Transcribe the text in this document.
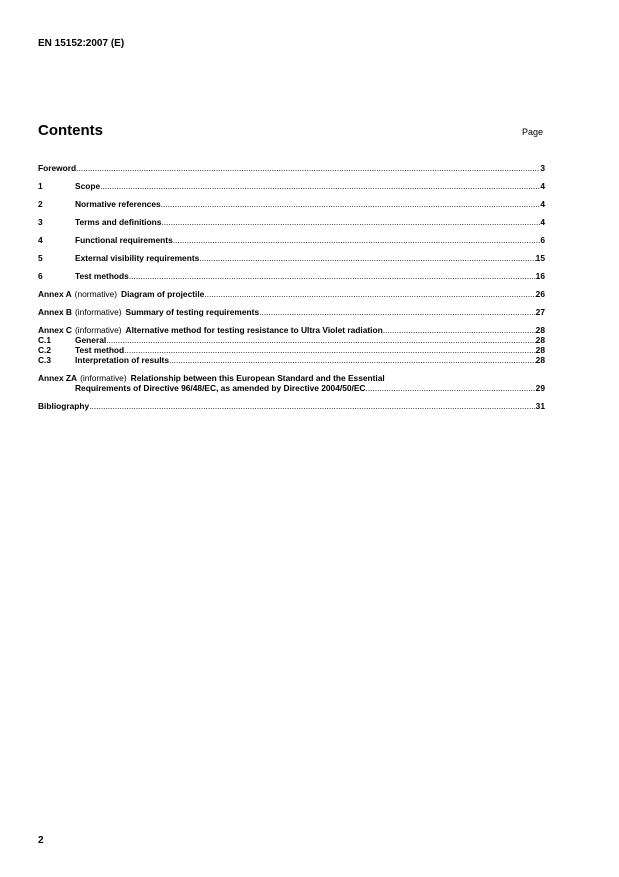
EN 15152:2007 (E)
Contents	Page
Foreword .....	3
1	Scope .....	4
2	Normative references .....	4
3	Terms and definitions .....	4
4	Functional requirements .....	6
5	External visibility requirements .....	15
6	Test methods .....	16
Annex A (normative) Diagram of projectile .....	26
Annex B (informative) Summary of testing requirements .....	27
Annex C (informative) Alternative method for testing resistance to Ultra Violet radiation .....	28
C.1	General .....	28
C.2	Test method .....	28
C.3	Interpretation of results .....	28
Annex ZA (informative) Relationship between this European Standard and the Essential
Requirements of Directive 96/48/EC, as amended by Directive 2004/50/EC .....	29
Bibliography .....	31
2
